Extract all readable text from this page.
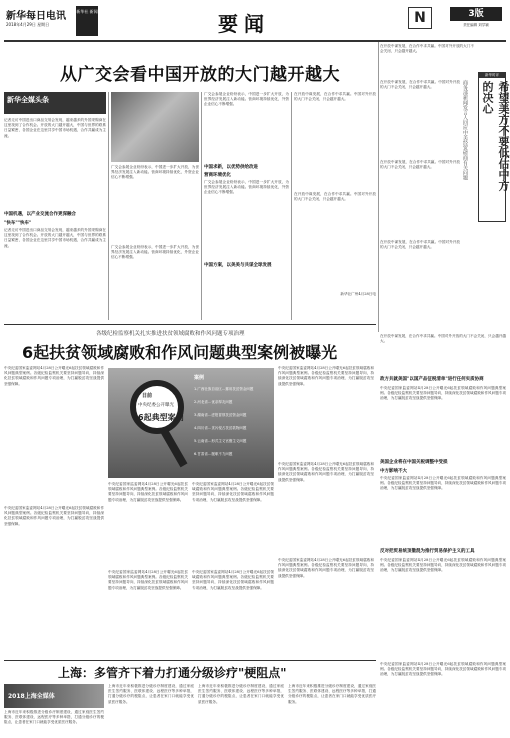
新华每日电讯
2018年4月29日 星期日
新华社 新闻
要闻	N	3版
责任编辑 刘学颖
从广交会看中国开放的大门越开越大
新华全媒头条
记者走访中国进出口商品交易会发现，越来越多的外国采购商在这里找到了合作机会。开放的大门越开越大，中国与世界的联系日益紧密，各国企业在这里共享中国市场机遇，合作共赢成为主流。
中国机遇，以产业交流合作更深融合
"快车""快车"
记者走访中国进出口商品交易会发现，越来越多的外国采购商在这里找到了合作机会。开放的大门越开越大，中国与世界的联系日益紧密，各国企业在这里共享中国市场机遇，合作共赢成为主流。
广交会参展企业纷纷表示，中国进一步扩大开放，为世界经济发展注入新动能。营商环境持续优化，外资企业信心不断增强。
广交会参展企业纷纷表示，中国进一步扩大开放，为世界经济发展注入新动能。营商环境持续优化，外资企业信心不断增强。
广交会参展企业纷纷表示，中国进一步扩大开放，为世界经济发展注入新动能。营商环境持续优化，外资企业信心不断增强。
中国求新，以优势供给改进
营商环境优化
广交会参展企业纷纷表示，中国进一步扩大开放，为世界经济发展注入新动能。营商环境持续优化，外资企业信心不断增强。
中国方案，以美美与共谋全球发展
在开放中谋发展，在合作中求共赢。中国对外开放的大门不会关闭，只会越开越大。
在开放中谋发展，在合作中求共赢。中国对外开放的大门不会关闭，只会越开越大。
新华社广州4月28日电
在开放中谋发展，在合作中求共赢。中国对外开放的大门不会关闭，只会越开越大。
新华时评
希望美方不要低估中方的决心
商务部新闻发言人回应中美经贸磋商有关问题
在开放中谋发展，在合作中求共赢。中国对外开放的大门不会关闭，只会越开越大。
在开放中谋发展，在合作中求共赢。中国对外开放的大门不会关闭，只会越开越大。
在开放中谋发展，在合作中求共赢。中国对外开放的大门不会关闭，只会越开越大。
各级纪检监察机关扎实推进扶贫领域腐败和作风问题专项治理
6起扶贫领域腐败和作风问题典型案例被曝光
中央纪委国家监委网站4月28日公开曝光6起扶贫领域腐败和作风问题典型案例。各级纪检监察机关要坚持问题导向，持续深化扶贫领域腐败和作风问题专项治理，为打赢脱贫攻坚战提供坚强保障。
中央纪委国家监委网站4月28日公开曝光6起扶贫领域腐败和作风问题典型案例。各级纪检监察机关要坚持问题导向，持续深化扶贫领域腐败和作风问题专项治理，为打赢脱贫攻坚战提供坚强保障。
日前
中央纪委公开曝光
6起典型案例
案例
1.广西壮族自治区…挪用扶贫资金问题
2.河北省…优亲厚友问题
3.湖南省…虚报冒领扶贫资金问题
4.四川省…贪污侵占扶贫款物问题
5.云南省…形式主义官僚主义问题
6.甘肃省…履职不力问题
中央纪委国家监委网站4月28日公开曝光6起扶贫领域腐败和作风问题典型案例。各级纪检监察机关要坚持问题导向，持续深化扶贫领域腐败和作风问题专项治理，为打赢脱贫攻坚战提供坚强保障。
中央纪委国家监委网站4月28日公开曝光6起扶贫领域腐败和作风问题典型案例。各级纪检监察机关要坚持问题导向，持续深化扶贫领域腐败和作风问题专项治理，为打赢脱贫攻坚战提供坚强保障。
中央纪委国家监委网站4月28日公开曝光6起扶贫领域腐败和作风问题典型案例。各级纪检监察机关要坚持问题导向，持续深化扶贫领域腐败和作风问题专项治理，为打赢脱贫攻坚战提供坚强保障。
中央纪委国家监委网站4月28日公开曝光6起扶贫领域腐败和作风问题典型案例。各级纪检监察机关要坚持问题导向，持续深化扶贫领域腐败和作风问题专项治理，为打赢脱贫攻坚战提供坚强保障。
中央纪委国家监委网站4月28日公开曝光6起扶贫领域腐败和作风问题典型案例。各级纪检监察机关要坚持问题导向，持续深化扶贫领域腐败和作风问题专项治理，为打赢脱贫攻坚战提供坚强保障。
中央纪委国家监委网站4月28日公开曝光6起扶贫领域腐败和作风问题典型案例。各级纪检监察机关要坚持问题导向，持续深化扶贫领域腐败和作风问题专项治理，为打赢脱贫攻坚战提供坚强保障。
中央纪委国家监委网站4月28日公开曝光6起扶贫领域腐败和作风问题典型案例。各级纪检监察机关要坚持问题导向，持续深化扶贫领域腐败和作风问题专项治理，为打赢脱贫攻坚战提供坚强保障。
在开放中谋发展，在合作中求共赢。中国对外开放的大门不会关闭，只会越开越大。
政方共就美国"以国产品征税清单"进行任何实质协商
中央纪委国家监委网站4月28日公开曝光6起扶贫领域腐败和作风问题典型案例。各级纪检监察机关要坚持问题导向，持续深化扶贫领域腐败和作风问题专项治理，为打赢脱贫攻坚战提供坚强保障。
美国企业将在中国关税调整中受损
中方影响不大
中央纪委国家监委网站4月28日公开曝光6起扶贫领域腐败和作风问题典型案例。各级纪检监察机关要坚持问题导向，持续深化扶贫领域腐败和作风问题专项治理，为打赢脱贫攻坚战提供坚强保障。
反对把贸易统顶撤混为推行贸易保护主义的工具
中央纪委国家监委网站4月28日公开曝光6起扶贫领域腐败和作风问题典型案例。各级纪检监察机关要坚持问题导向，持续深化扶贫领域腐败和作风问题专项治理，为打赢脱贫攻坚战提供坚强保障。
上海：多管齐下着力打通分级诊疗"梗阻点"
2018上海全媒体
上海市近年来积极推进分级诊疗制度建设，通过家庭医生签约服务、医联体建设、远程医疗等多种举措，打通分级诊疗的梗阻点，让患者在家门口就能享受优质医疗服务。
上海市近年来积极推进分级诊疗制度建设，通过家庭医生签约服务、医联体建设、远程医疗等多种举措，打通分级诊疗的梗阻点，让患者在家门口就能享受优质医疗服务。
上海市近年来积极推进分级诊疗制度建设，通过家庭医生签约服务、医联体建设、远程医疗等多种举措，打通分级诊疗的梗阻点，让患者在家门口就能享受优质医疗服务。
上海市近年来积极推进分级诊疗制度建设，通过家庭医生签约服务、医联体建设、远程医疗等多种举措，打通分级诊疗的梗阻点，让患者在家门口就能享受优质医疗服务。
中央纪委国家监委网站4月28日公开曝光6起扶贫领域腐败和作风问题典型案例。各级纪检监察机关要坚持问题导向，持续深化扶贫领域腐败和作风问题专项治理，为打赢脱贫攻坚战提供坚强保障。
